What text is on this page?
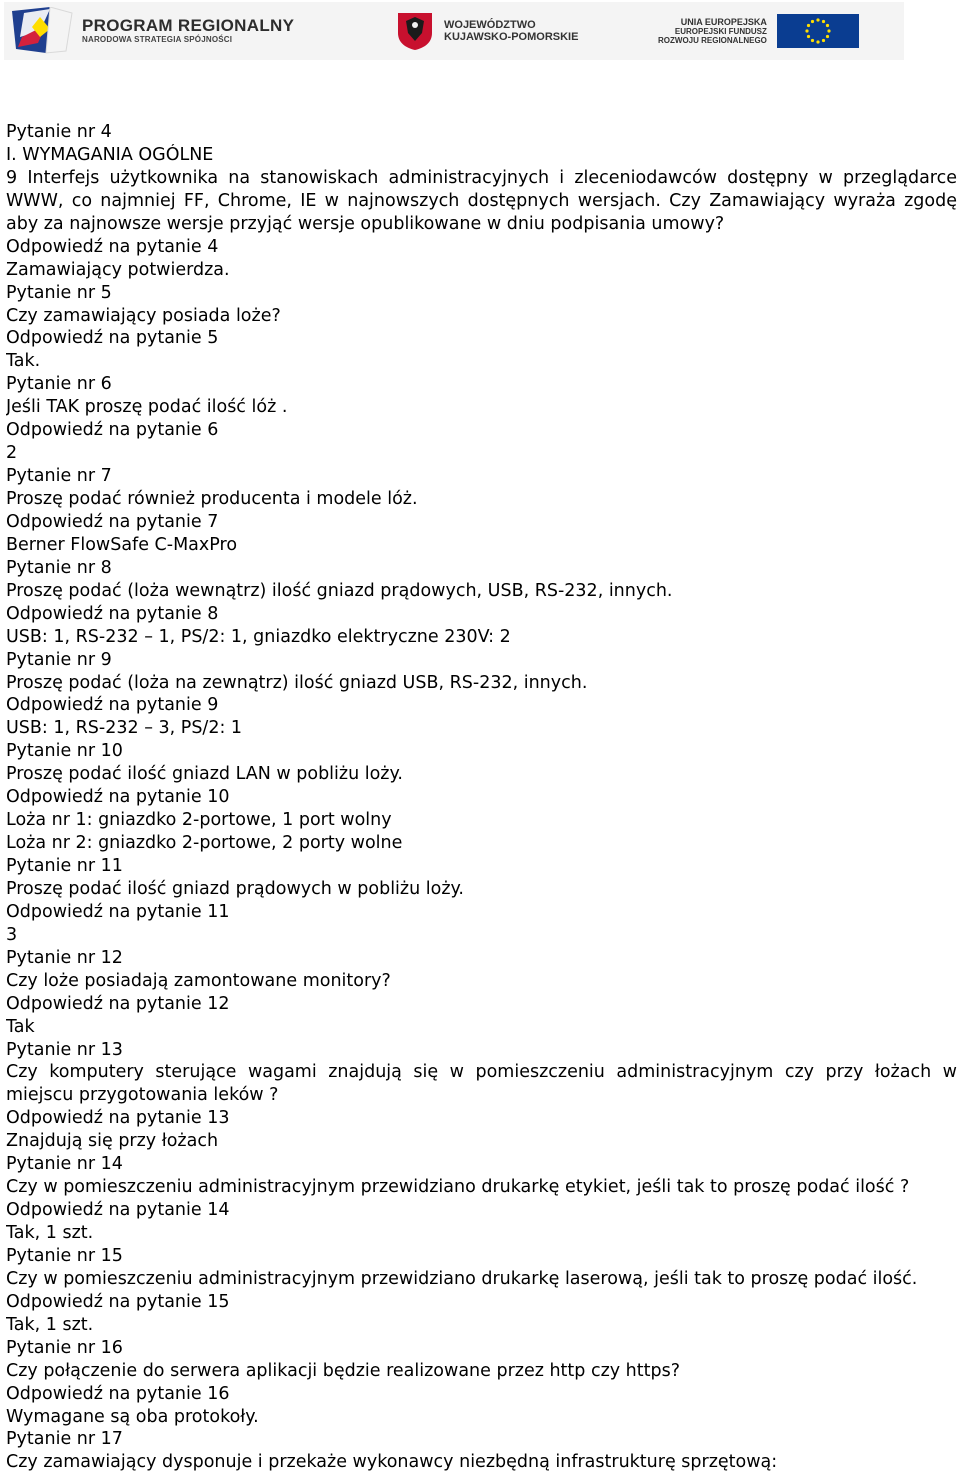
PROGRAM REGIONALNY
NARODOWA STRATEGIA SPÓJNOŚCI
WOJEWÓDZTWO
KUJAWSKO-POMORSKIE
UNIA EUROPEJSKA
EUROPEJSKI FUNDUSZ
ROZWOJU REGIONALNEGO
Pytanie nr 4
I. WYMAGANIA OGÓLNE
9 Interfejs użytkownika na stanowiskach administracyjnych i zleceniodawców dostępny w przeglądarce
WWW, co najmniej FF, Chrome, IE w najnowszych dostępnych wersjach. Czy Zamawiający wyraża zgodę
aby za najnowsze wersje przyjąć wersje opublikowane w dniu podpisania umowy?
Odpowiedź na pytanie 4
Zamawiający potwierdza.
Pytanie nr 5
Czy zamawiający posiada loże?
Odpowiedź na pytanie 5
Tak.
Pytanie nr 6
Jeśli TAK proszę podać ilość lóż .
Odpowiedź na pytanie 6
2
Pytanie nr 7
Proszę podać również producenta i modele lóż.
Odpowiedź na pytanie 7
Berner FlowSafe C-MaxPro
Pytanie nr 8
Proszę podać (loża wewnątrz) ilość gniazd prądowych, USB, RS-232, innych.
Odpowiedź na pytanie 8
USB: 1, RS-232 – 1, PS/2: 1, gniazdko elektryczne 230V: 2
Pytanie nr 9
Proszę podać (loża na zewnątrz) ilość gniazd USB, RS-232, innych.
Odpowiedź na pytanie 9
USB: 1, RS-232 – 3, PS/2: 1
Pytanie nr 10
Proszę podać ilość gniazd LAN w pobliżu loży.
Odpowiedź na pytanie 10
Loża nr 1: gniazdko 2-portowe, 1 port wolny
Loża nr 2: gniazdko 2-portowe, 2 porty wolne
Pytanie nr 11
Proszę podać ilość gniazd prądowych w pobliżu loży.
Odpowiedź na pytanie 11
3
Pytanie nr 12
Czy loże posiadają zamontowane monitory?
Odpowiedź na pytanie 12
Tak
Pytanie nr 13
Czy komputery sterujące wagami znajdują się w pomieszczeniu administracyjnym czy przy łożach w
miejscu przygotowania leków ?
Odpowiedź na pytanie 13
Znajdują się przy łożach
Pytanie nr 14
Czy w pomieszczeniu administracyjnym przewidziano drukarkę etykiet, jeśli tak to proszę podać ilość ?
Odpowiedź na pytanie 14
Tak, 1 szt.
Pytanie nr 15
Czy w pomieszczeniu administracyjnym przewidziano drukarkę laserową, jeśli tak to proszę podać ilość.
Odpowiedź na pytanie 15
Tak, 1 szt.
Pytanie nr 16
Czy połączenie do serwera aplikacji będzie realizowane przez http czy https?
Odpowiedź na pytanie 16
Wymagane są oba protokoły.
Pytanie nr 17
Czy zamawiający dysponuje i przekaże wykonawcy niezbędną infrastrukturę sprzętową:
